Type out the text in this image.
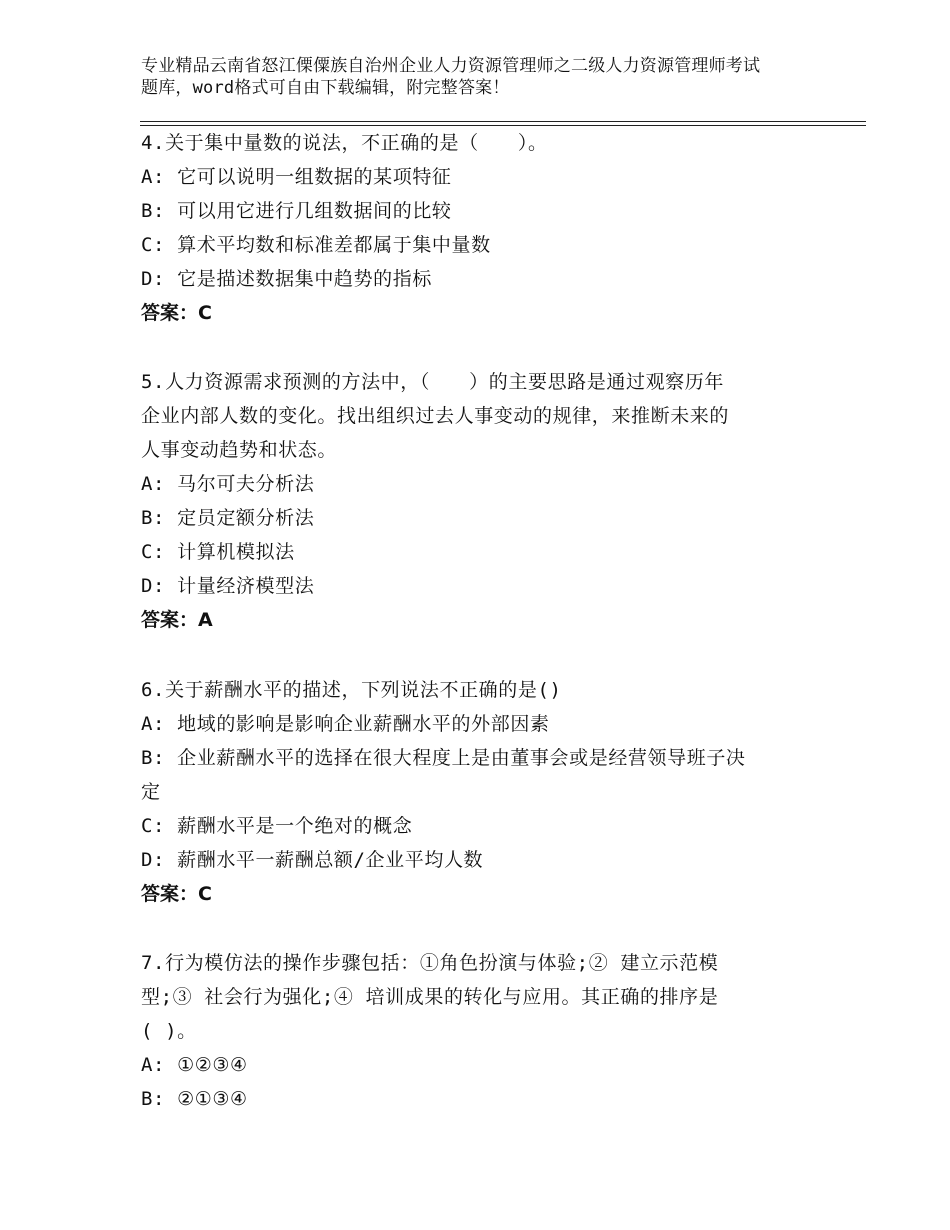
专业精品云南省怒江傈僳族自治州企业人力资源管理师之二级人力资源管理师考试
题库，word格式可自由下载编辑，附完整答案！
4.关于集中量数的说法，不正确的是（　　）。
A: 它可以说明一组数据的某项特征
B: 可以用它进行几组数据间的比较
C: 算术平均数和标准差都属于集中量数
D: 它是描述数据集中趋势的指标
答案：C
5.人力资源需求预测的方法中，（　　）的主要思路是通过观察历年
企业内部人数的变化。找出组织过去人事变动的规律，来推断未来的
人事变动趋势和状态。
A: 马尔可夫分析法
B: 定员定额分析法
C: 计算机模拟法
D: 计量经济模型法
答案：A
6.关于薪酬水平的描述，下列说法不正确的是()
A: 地域的影响是影响企业薪酬水平的外部因素
B: 企业薪酬水平的选择在很大程度上是由董事会或是经营领导班子决
定
C: 薪酬水平是一个绝对的概念
D: 薪酬水平一薪酬总额/企业平均人数
答案：C
7.行为模仿法的操作步骤包括：①角色扮演与体验;② 建立示范模
型;③ 社会行为强化;④ 培训成果的转化与应用。其正确的排序是
( )。
A: ①②③④
B: ②①③④
